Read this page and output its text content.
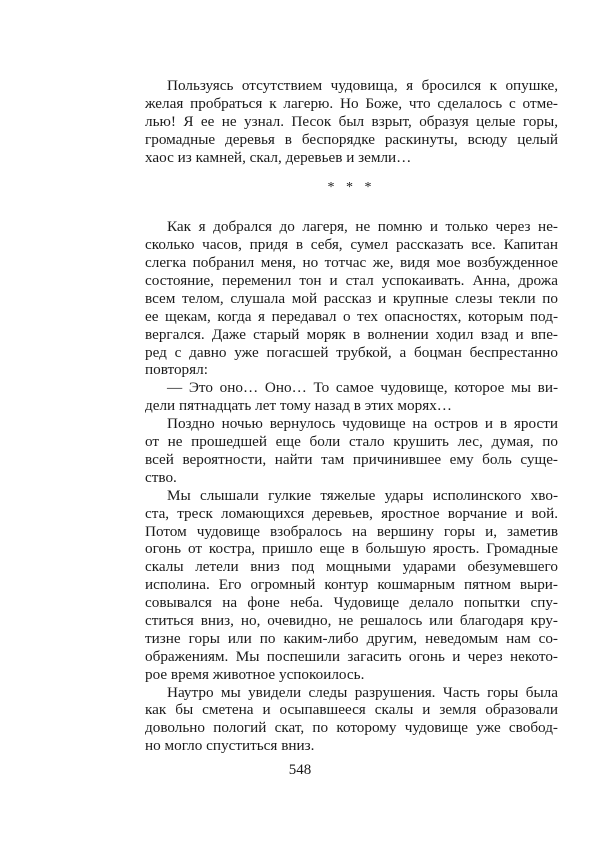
Пользуясь отсутствием чудовища, я бросился к опушке,
желая пробраться к лагерю. Но Боже, что сделалось с отме-
лью! Я ее не узнал. Песок был взрыт, образуя целые горы,
громадные деревья в беспорядке раскинуты, всюду целый
хаос из камней, скал, деревьев и земли…
* * *
Как я добрался до лагеря, не помню и только через не-
сколько часов, придя в себя, сумел рассказать все. Капитан
слегка побранил меня, но тотчас же, видя мое возбужденное
состояние, переменил тон и стал успокаивать. Анна, дрожа
всем телом, слушала мой рассказ и крупные слезы текли по
ее щекам, когда я передавал о тех опасностях, которым под-
вергался. Даже старый моряк в волнении ходил взад и впе-
ред с давно уже погасшей трубкой, а боцман беспрестанно
повторял:
— Это оно… Оно… То самое чудовище, которое мы ви-
дели пятнадцать лет тому назад в этих морях…
Поздно ночью вернулось чудовище на остров и в ярости
от не прошедшей еще боли стало крушить лес, думая, по
всей вероятности, найти там причинившее ему боль суще-
ство.
Мы слышали гулкие тяжелые удары исполинского хво-
ста, треск ломающихся деревьев, яростное ворчание и вой.
Потом чудовище взобралось на вершину горы и, заметив
огонь от костра, пришло еще в большую ярость. Громадные
скалы летели вниз под мощными ударами обезумевшего
исполина. Его огромный контур кошмарным пятном выри-
совывался на фоне неба. Чудовище делало попытки спу-
ститься вниз, но, очевидно, не решалось или благодаря кру-
тизне горы или по каким-либо другим, неведомым нам со-
ображениям. Мы поспешили загасить огонь и через некото-
рое время животное успокоилось.
Наутро мы увидели следы разрушения. Часть горы была
как бы сметена и осыпавшееся скалы и земля образовали
довольно пологий скат, по которому чудовище уже свобод-
но могло спуститься вниз.
548
